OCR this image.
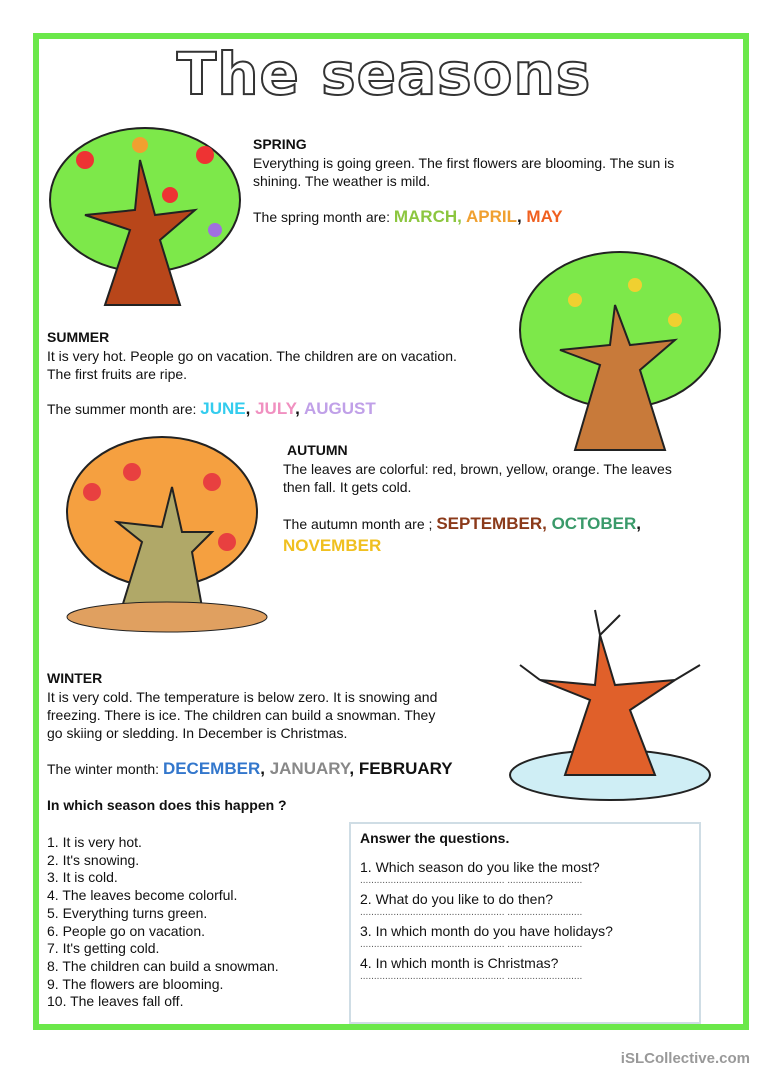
The seasons
SPRING
Everything is going green. The first flowers are blooming. The sun is
shining. The weather is mild.
The spring month are: MARCH, APRIL, MAY
SUMMER
It is very hot. People go on vacation. The children are on vacation.
The first fruits are ripe.
The summer month are: JUNE, JULY, AUGUST
AUTUMN
The leaves are colorful: red, brown, yellow, orange. The leaves
then fall. It gets cold.
The autumn month are ; SEPTEMBER, OCTOBER, NOVEMBER
WINTER
It is very cold. The temperature is below zero. It is snowing and
freezing. There is ice. The children can build a snowman. They
go skiing or sledding. In December is Christmas.
The winter month: DECEMBER, JANUARY, FEBRUARY
In which season does this happen ?
1. It is very hot.
2. It's snowing.
3. It is cold.
4. The leaves become colorful.
5. Everything turns green.
6. People go on vacation.
7. It's getting cold.
8. The children can build a snowman.
9. The flowers are blooming.
10. The leaves fall off.
Answer the questions.
1. Which season do you like the most?
.................................................... ...........................
2. What do you like to do then?
.................................................... ...........................
3. In which month do you have holidays?
.................................................... ...........................
4. In which month is Christmas?
.................................................... ...........................
iSLCollective.com
